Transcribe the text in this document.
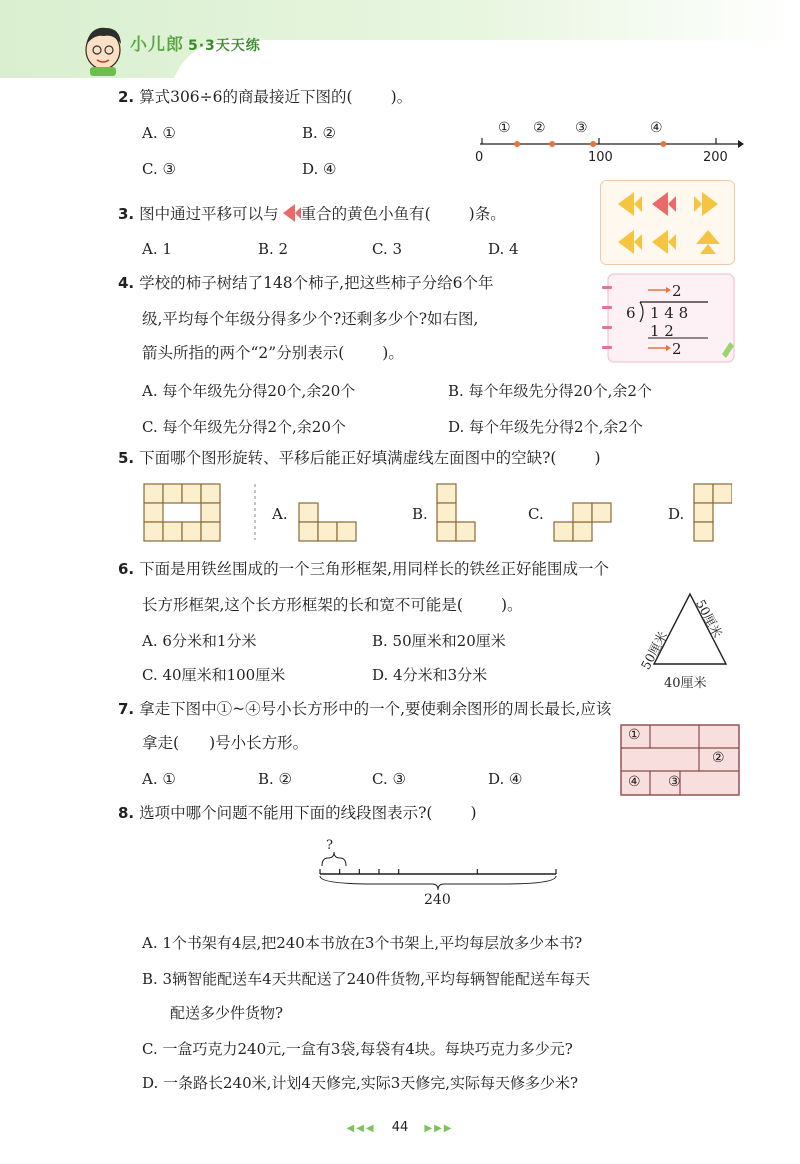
小儿郎 5·3天天练
2. 算式306÷6的商最接近下图的( )。
A. ①	B. ②
C. ③	D. ④
0	100	200
① ② ③	④
3. 图中通过平移可以与 重合的黄色小鱼有( )条。
A. 1	B. 2	C. 3	D. 4
4. 学校的柿子树结了148个柿子,把这些柿子分给6个年
级,平均每个年级分得多少个?还剩多少个?如右图,
箭头所指的两个“2”分别表示( )。
A. 每个年级先分得20个,余20个	B. 每个年级先分得20个,余2个
C. 每个年级先分得2个,余20个	D. 每个年级先分得2个,余2个
2
6 1 4 8
1 2
2
5. 下面哪个图形旋转、平移后能正好填满虚线左面图中的空缺?( )
A.	B.	C.	D.
6. 下面是用铁丝围成的一个三角形框架,用同样长的铁丝正好能围成一个
长方形框架,这个长方形框架的长和宽不可能是( )。
A. 6分米和1分米	B. 50厘米和20厘米
C. 40厘米和100厘米	D. 4分米和3分米
50厘米
50厘米
40厘米
7. 拿走下图中①~④号小长方形中的一个,要使剩余图形的周长最长,应该
拿走( )号小长方形。
A. ①	B. ②	C. ③	D. ④
①
②
④ ③
8. 选项中哪个问题不能用下面的线段图表示?( )
?
240
A. 1个书架有4层,把240本书放在3个书架上,平均每层放多少本书?
B. 3辆智能配送车4天共配送了240件货物,平均每辆智能配送车每天
配送多少件货物?
C. 一盒巧克力240元,一盒有3袋,每袋有4块。每块巧克力多少元?
D. 一条路长240米,计划4天修完,实际3天修完,实际每天修多少米?
◀◀◀ 44 ▶▶▶
